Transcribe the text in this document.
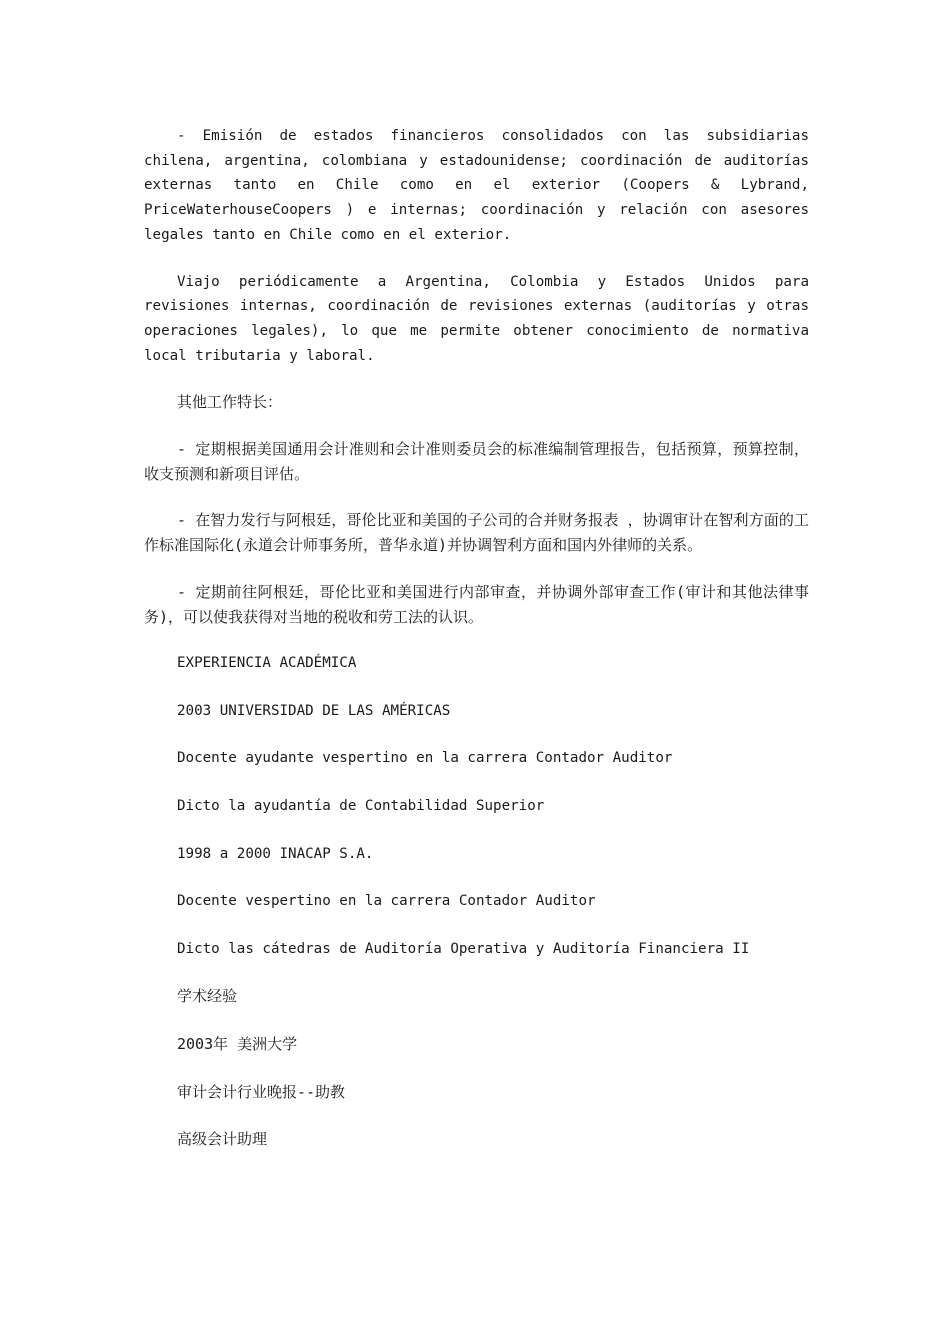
- Emisión de estados financieros consolidados con las subsidiarias chilena, argentina, colombiana y estadounidense; coordinación de auditorías externas tanto en Chile como en el exterior (Coopers & Lybrand, PriceWaterhouseCoopers ) e internas; coordinación y relación con asesores legales tanto en Chile como en el exterior.

Viajo periódicamente a Argentina, Colombia y Estados Unidos para revisiones internas, coordinación de revisiones externas (auditorías y otras operaciones legales), lo que me permite obtener conocimiento de normativa local tributaria y laboral.

其他工作特长：

- 定期根据美国通用会计准则和会计准则委员会的标准编制管理报告，包括预算，预算控制，收支预测和新项目评估。

- 在智力发行与阿根廷，哥伦比亚和美国的子公司的合并财务报表 ，协调审计在智利方面的工作标准国际化(永道会计师事务所，普华永道)并协调智利方面和国内外律师的关系。

- 定期前往阿根廷，哥伦比亚和美国进行内部审查，并协调外部审查工作(审计和其他法律事务)，可以使我获得对当地的税收和劳工法的认识。

EXPERIENCIA ACADÉMICA
2003 UNIVERSIDAD DE LAS AMÉRICAS
Docente ayudante vespertino en la carrera Contador Auditor
Dicto la ayudantía de Contabilidad Superior
1998 a 2000 INACAP S.A.
Docente vespertino en la carrera Contador Auditor
Dicto las cátedras de Auditoría Operativa y Auditoría Financiera II
学术经验
2003年 美洲大学
审计会计行业晚报--助教
高级会计助理
